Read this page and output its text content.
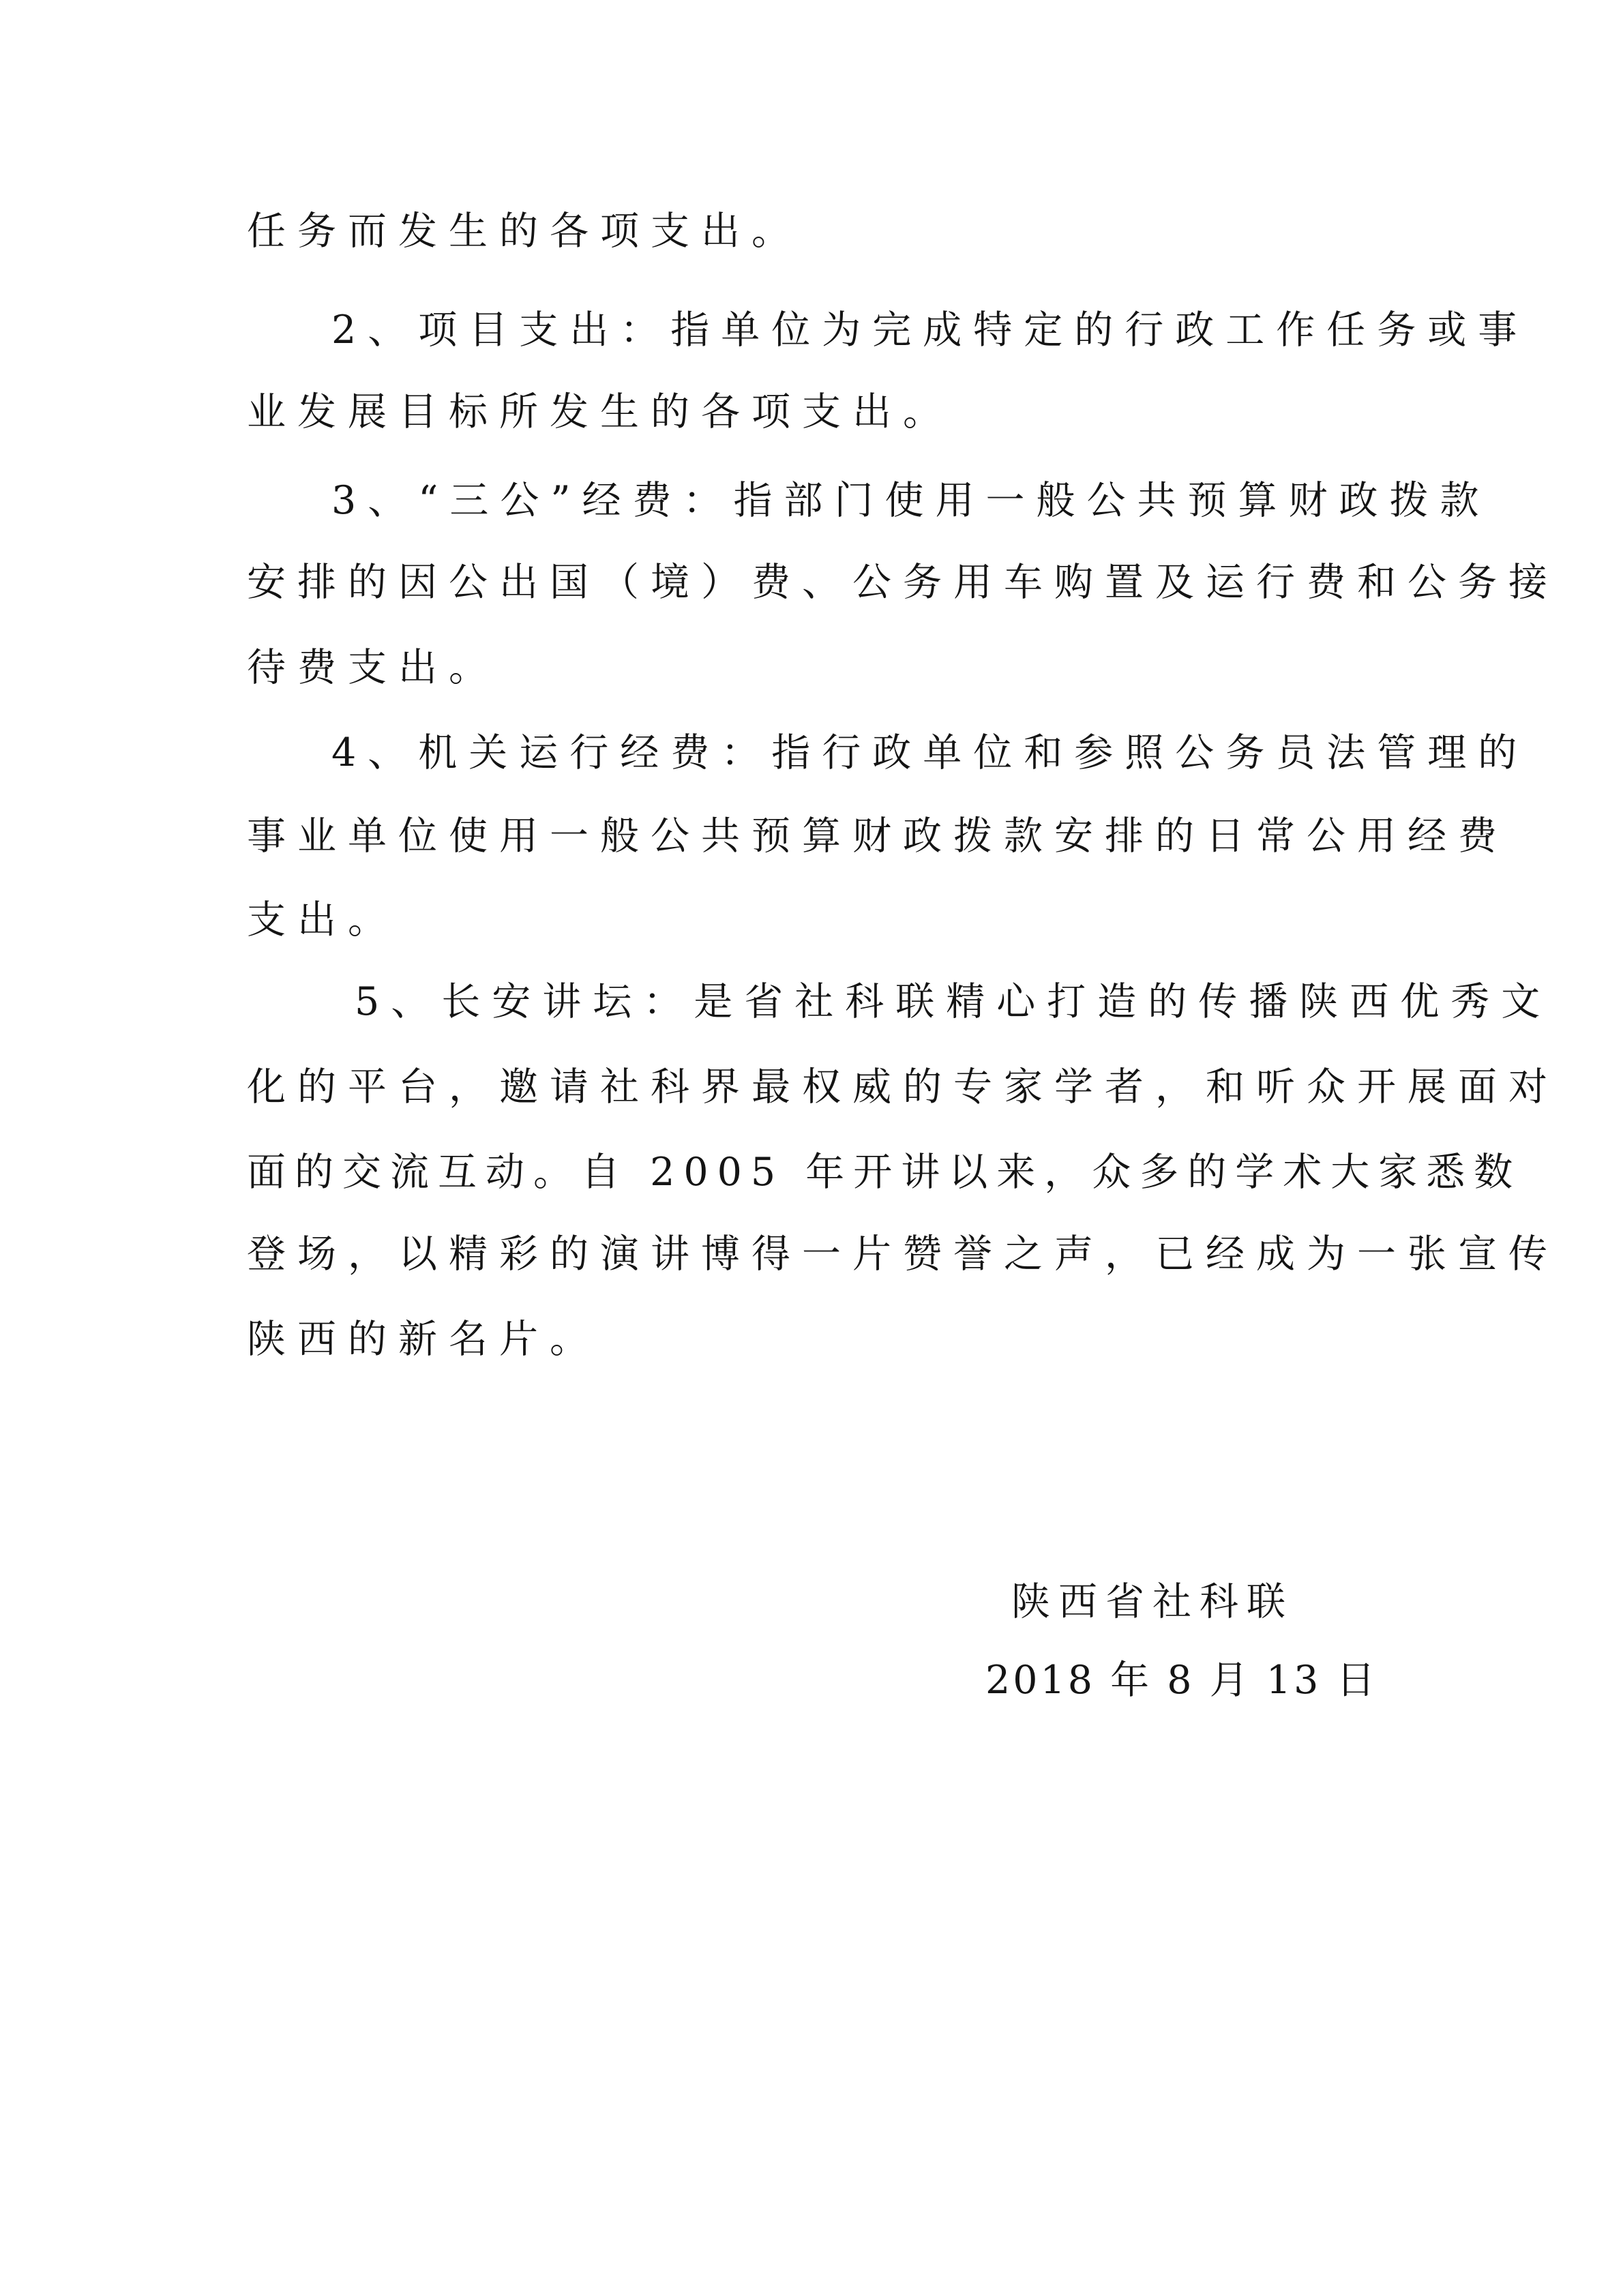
任务而发生的各项支出。
2、项目支出：指单位为完成特定的行政工作任务或事
业发展目标所发生的各项支出。
3、“三公”经费：指部门使用一般公共预算财政拨款
安排的因公出国（境）费、公务用车购置及运行费和公务接
待费支出。
4、机关运行经费：指行政单位和参照公务员法管理的
事业单位使用一般公共预算财政拨款安排的日常公用经费
支出。
5、长安讲坛：是省社科联精心打造的传播陕西优秀文
化的平台，邀请社科界最权威的专家学者，和听众开展面对
面的交流互动。自 2005 年开讲以来，众多的学术大家悉数
登场，以精彩的演讲博得一片赞誉之声，已经成为一张宣传
陕西的新名片。
陕西省社科联
2018 年 8 月 13 日
